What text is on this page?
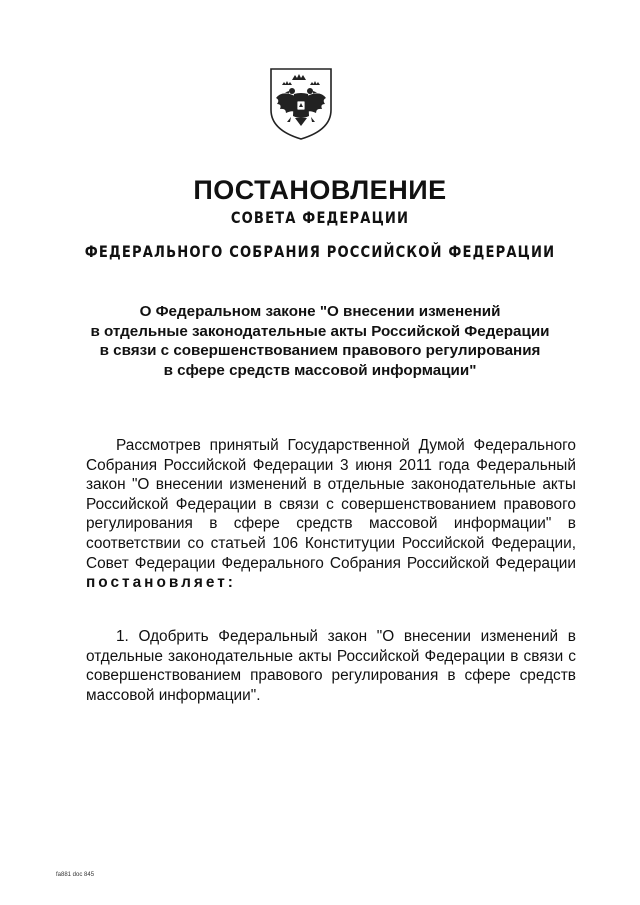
ПОСТАНОВЛЕНИЕ
СОВЕТА ФЕДЕРАЦИИ
ФЕДЕРАЛЬНОГО СОБРАНИЯ РОССИЙСКОЙ ФЕДЕРАЦИИ
О Федеральном законе "О внесении изменений
в отдельные законодательные акты Российской Федерации
в связи с совершенствованием правового регулирования
в сфере средств массовой информации"
Рассмотрев принятый Государственной Думой Федерального
Собрания Российской Федерации 3 июня 2011 года Федеральный
закон "О внесении изменений в отдельные законодательные акты
Российской Федерации в связи с совершенствованием правового
регулирования в сфере средств массовой информации" в
соответствии со статьей 106 Конституции Российской Федерации,
Совет Федерации Федерального Собрания Российской Федерации
постановляет:
1. Одобрить Федеральный закон "О внесении изменений в
отдельные законодательные акты Российской Федерации в связи с
совершенствованием правового регулирования в сфере средств
массовой информации".
fa881 doc 845
